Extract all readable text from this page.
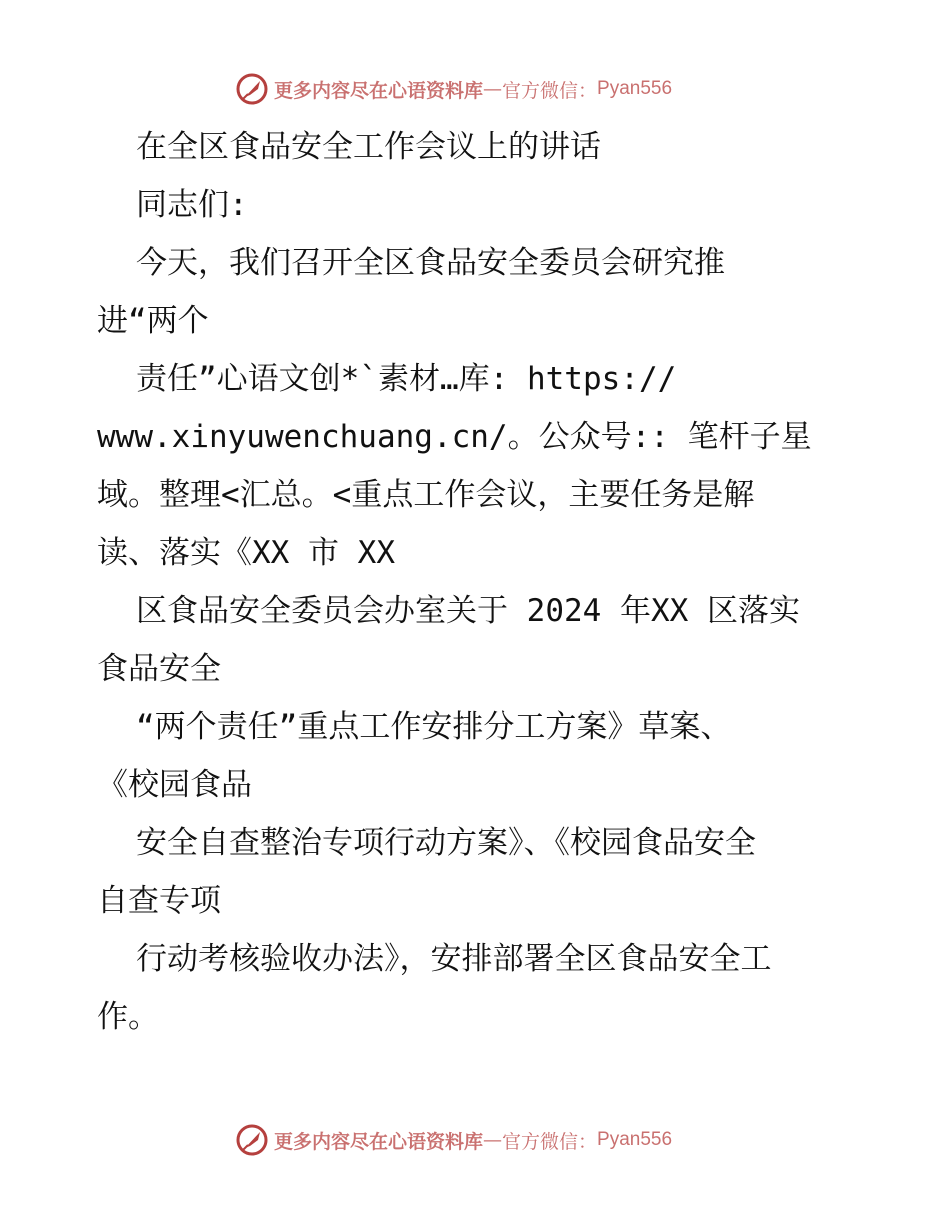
更多内容尽在心语资料库 — 官方微信： Pyan556
在全区食品安全工作会议上的讲话
同志们:
今天，我们召开全区食品安全委员会研究推
进“两个
责任”心语文创*`素材…库: https://
www.xinyuwenchuang.cn/。公众号:: 笔杆子星
域。整理<汇总。<重点工作会议，主要任务是解
读、落实《XX 市 XX
区食品安全委员会办室关于 2024 年XX 区落实
食品安全
“两个责任”重点工作安排分工方案》草案、
《校园食品
安全自查整治专项行动方案》、《校园食品安全
自查专项
行动考核验收办法》，安排部署全区食品安全工
作。
更多内容尽在心语资料库 — 官方微信： Pyan556
